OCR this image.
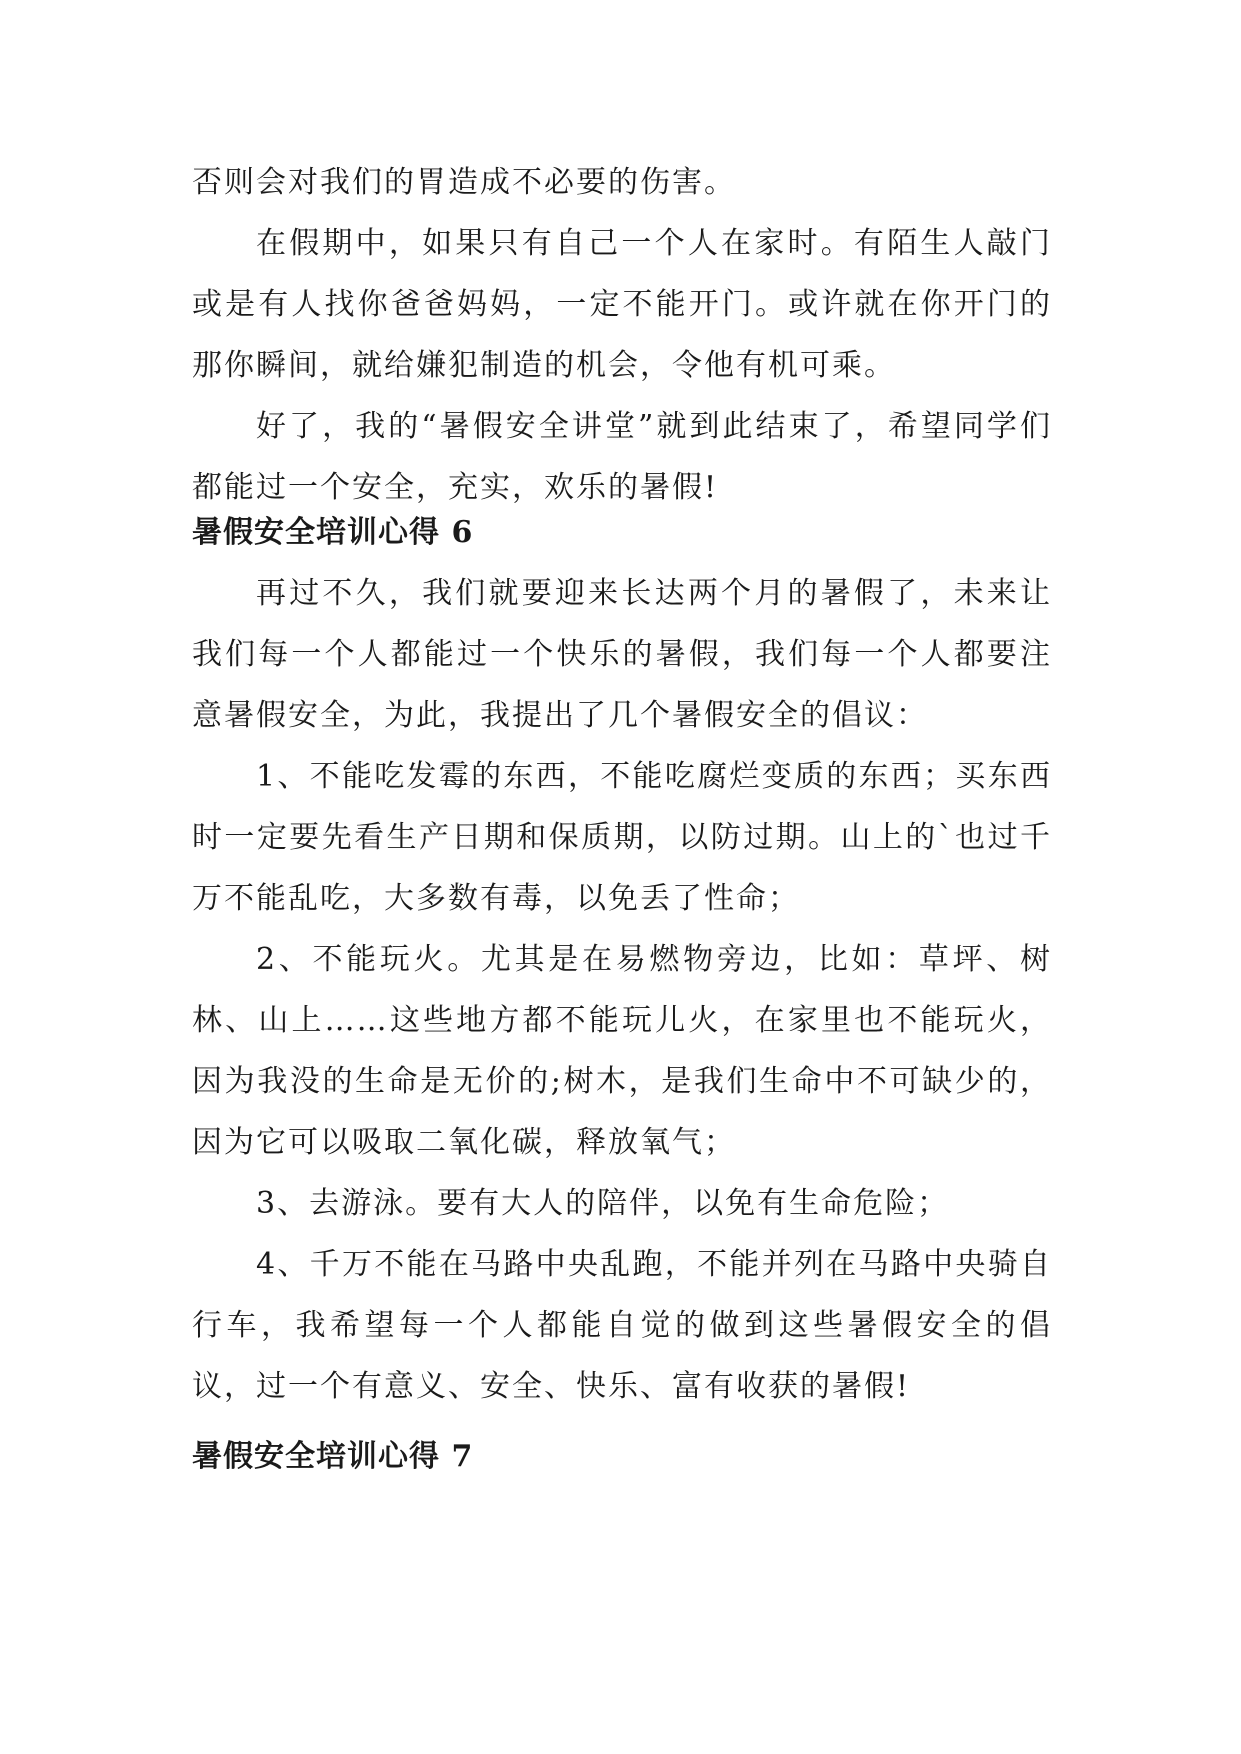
否则会对我们的胃造成不必要的伤害。

在假期中，如果只有自己一个人在家时。有陌生人敲门或是有人找你爸爸妈妈，一定不能开门。或许就在你开门的那你瞬间，就给嫌犯制造的机会，令他有机可乘。

好了，我的“暑假安全讲堂”就到此结束了，希望同学们都能过一个安全，充实，欢乐的暑假!

暑假安全培训心得 6

再过不久，我们就要迎来长达两个月的暑假了，未来让我们每一个人都能过一个快乐的暑假，我们每一个人都要注意暑假安全，为此，我提出了几个暑假安全的倡议：

1、不能吃发霉的东西，不能吃腐烂变质的东西；买东西时一定要先看生产日期和保质期，以防过期。山上的`也过千万不能乱吃，大多数有毒，以免丢了性命；

2、不能玩火。尤其是在易燃物旁边，比如：草坪、树林、山上……这些地方都不能玩儿火，在家里也不能玩火，因为我没的生命是无价的;树木，是我们生命中不可缺少的，因为它可以吸取二氧化碳，释放氧气；

3、去游泳。要有大人的陪伴，以免有生命危险；

4、千万不能在马路中央乱跑，不能并列在马路中央骑自行车，我希望每一个人都能自觉的做到这些暑假安全的倡议，过一个有意义、安全、快乐、富有收获的暑假!

暑假安全培训心得 7
